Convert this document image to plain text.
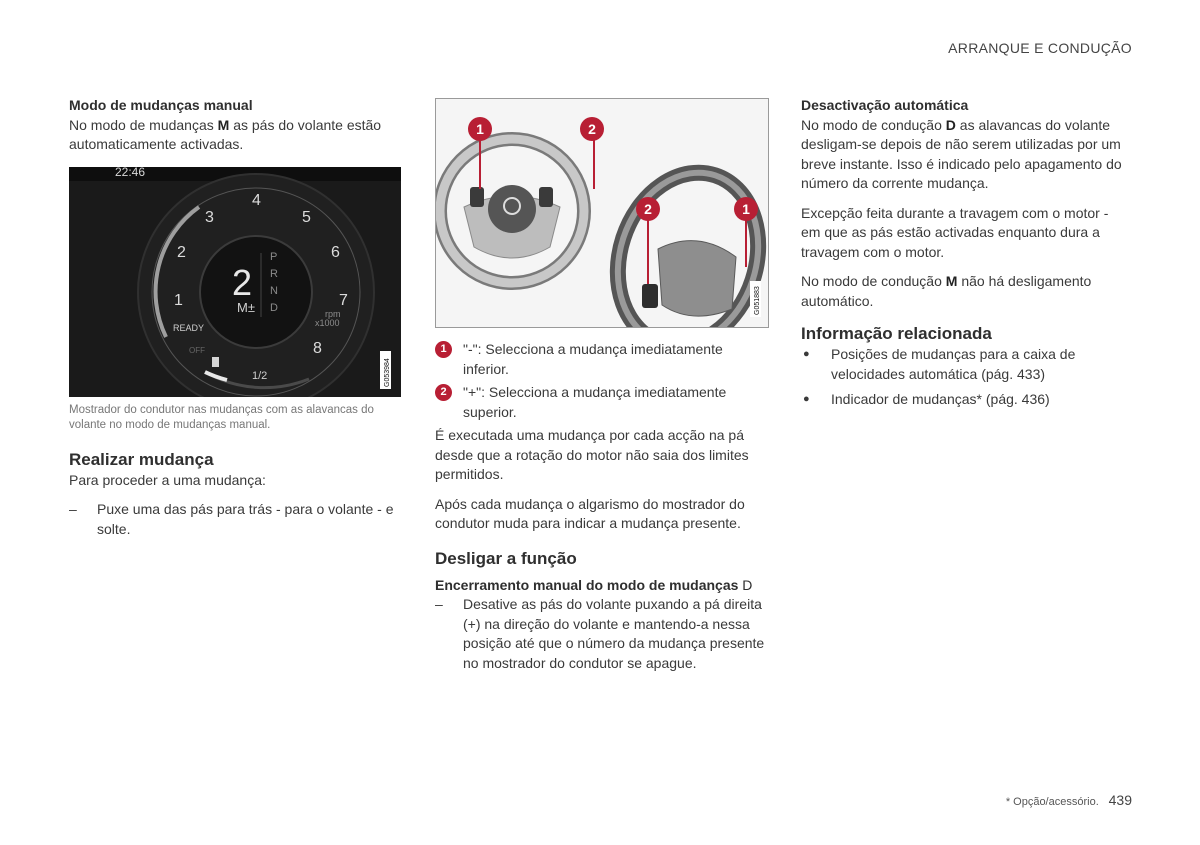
ARRANQUE E CONDUÇÃO
Modo de mudanças manual

No modo de mudanças M as pás do volante estão automaticamente activadas.

22:46
2
M±
P
R
N
D
1
2
3
4
5
6
7
8
rpm
x1000
READY
OFF
1/2	G053984

Mostrador do condutor nas mudanças com as alavancas do volante no modo de mudanças manual.

Realizar mudança

Para proceder a uma mudança:

–	Puxe uma das pás para trás - para o volante - e solte.
1	2
2	1
G051883
1	"-": Selecciona a mudança imediatamente inferior.
2	"+": Selecciona a mudança imediatamente superior.

É executada uma mudança por cada acção na pá desde que a rotação do motor não saia dos limites permitidos.

Após cada mudança o algarismo do mostrador do condutor muda para indicar a mudança presente.

Desligar a função
Encerramento manual do modo de mudanças D
–	Desative as pás do volante puxando a pá direita (+) na direção do volante e mantendo-a nessa posição até que o número da mudança presente no mostrador do condutor se apague.
Desactivação automática

No modo de condução D as alavancas do volante desligam-se depois de não serem utilizadas por um breve instante. Isso é indicado pelo apagamento do número da corrente mudança.

Excepção feita durante a travagem com o motor - em que as pás estão activadas enquanto dura a travagem com o motor.

No modo de condução M não há desligamento automático.

Informação relacionada
●	Posições de mudanças para a caixa de velocidades automática (pág. 433)
●	Indicador de mudanças* (pág. 436)
* Opção/acessório. 439
